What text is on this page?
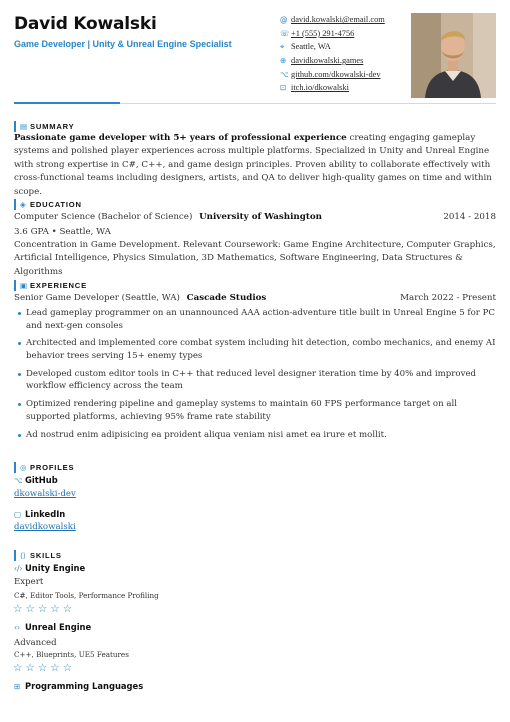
David Kowalski
Game Developer | Unity & Unreal Engine Specialist
@ david.kowalski@email.com
☏ +1 (555) 291-4756
⌖ Seattle, WA
⊕ davidkowalski.games
⌥ github.com/dkowalski-dev
⊡ itch.io/dkowalski
▤ SUMMARY
Passionate game developer with 5+ years of professional experience creating engaging gameplay systems and polished player experiences across multiple platforms. Specialized in Unity and Unreal Engine with strong expertise in C#, C++, and game design principles. Proven ability to collaborate effectively with cross-functional teams including designers, artists, and QA to deliver high-quality games on time and within scope.
◈ EDUCATION
Computer Science (Bachelor of Science) University of Washington	2014 - 2018
3.6 GPA • Seattle, WA
Concentration in Game Development. Relevant Coursework: Game Engine Architecture, Computer Graphics, Artificial Intelligence, Physics Simulation, 3D Mathematics, Software Engineering, Data Structures & Algorithms
▣ EXPERIENCE
Senior Game Developer (Seattle, WA) Cascade Studios	March 2022 - Present
Lead gameplay programmer on an unannounced AAA action-adventure title built in Unreal Engine 5 for PC and next-gen consoles
Architected and implemented core combat system including hit detection, combo mechanics, and enemy AI behavior trees serving 15+ enemy types
Developed custom editor tools in C++ that reduced level designer iteration time by 40% and improved workflow efficiency across the team
Optimized rendering pipeline and gameplay systems to maintain 60 FPS performance target on all supported platforms, achieving 95% frame rate stability
Ad nostrud enim adipisicing ea proident aliqua veniam nisi amet ea irure et mollit.
◎ PROFILES
⌥ GitHub
dkowalski-dev
▢ LinkedIn
davidkowalski
⟨⟩ SKILLS
‹/› Unity Engine
Expert
C#, Editor Tools, Performance Profiling
☆ ☆ ☆ ☆ ☆
‹› Unreal Engine
Advanced
C++, Blueprints, UE5 Features
☆ ☆ ☆ ☆ ☆
⊞ Programming Languages
